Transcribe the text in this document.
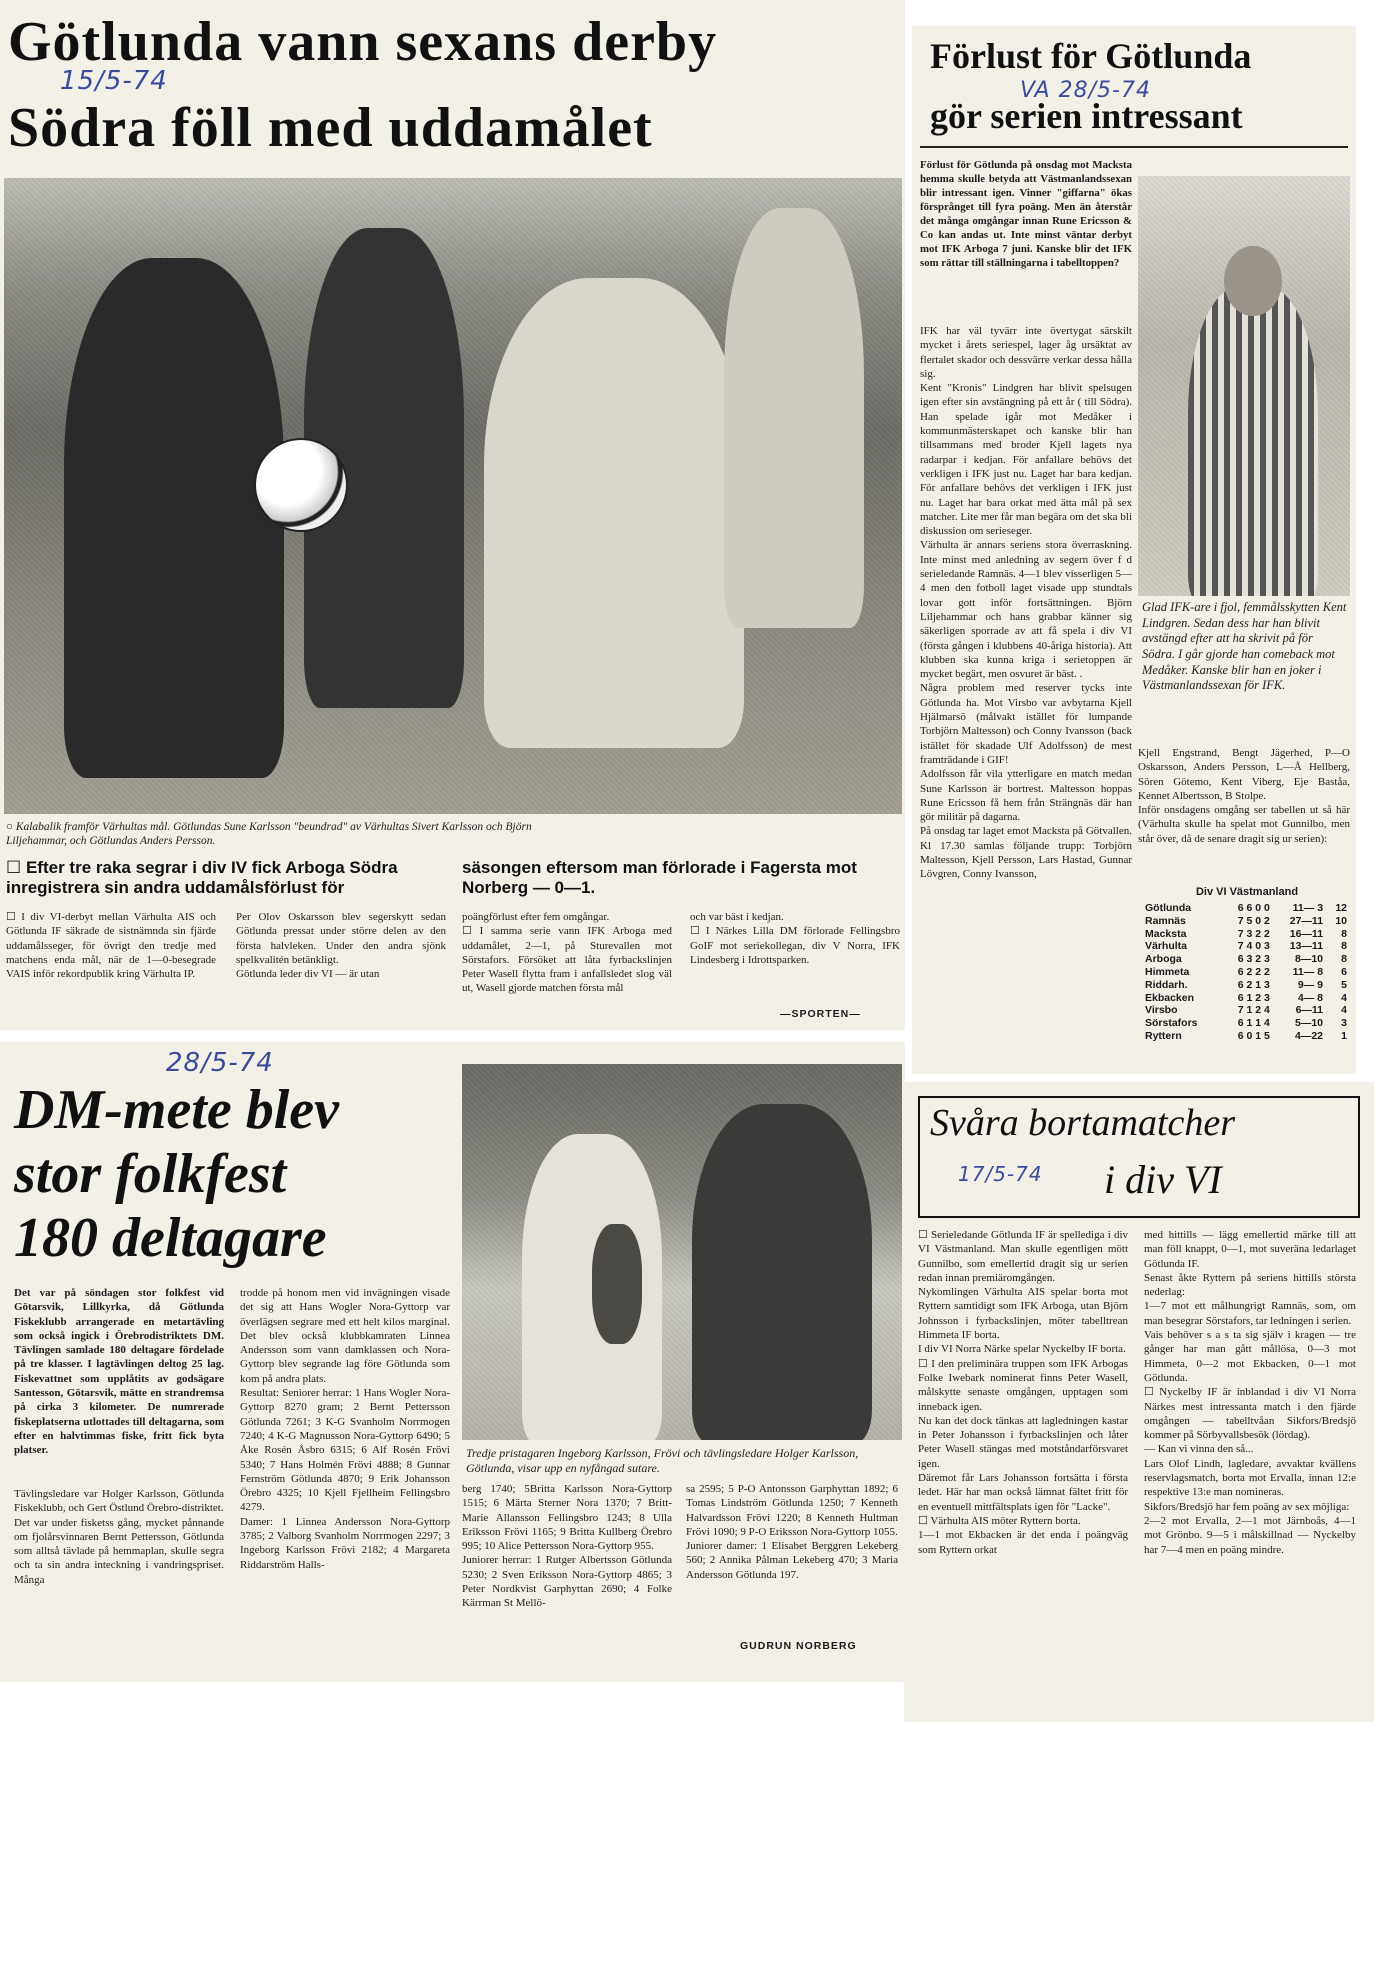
Götlunda vann sexans derby
15/5-74
Södra föll med uddamålet
○ Kalabalik framför Värhultas mål. Götlundas Sune Karlsson "beundrad" av Värhultas Sivert Karlsson och Björn Liljehammar, och Götlundas Anders Persson.
☐ Efter tre raka segrar i div IV fick Arboga Södra inregistrera sin andra uddamålsförlust för
säsongen eftersom man förlorade i Fagersta mot Norberg — 0—1.
☐ I div VI-derbyt mellan Värhulta AIS och Götlunda IF säkrade de sistnämnda sin fjärde uddamålsseger, för övrigt den tredje med matchens enda mål, när de 1—0-besegrade VAIS inför rekordpublik kring Värhulta IP.
Per Olov Oskarsson blev segerskytt sedan Götlunda pressat under större delen av den första halvleken. Under den andra sjönk spelkvalitén betänkligt.
Götlunda leder div VI — är utan
poängförlust efter fem omgångar.
☐ I samma serie vann IFK Arboga med uddamålet, 2—1, på Sturevallen mot Sörstafors. Försöket att låta fyrbackslinjen Peter Wasell flytta fram i anfallsledet slog väl ut, Wasell gjorde matchen första mål
och var bäst i kedjan.
☐ I Närkes Lilla DM förlorade Fellingsbro GoIF mot seriekollegan, div V Norra, IFK Lindesberg i Idrottsparken.
—SPORTEN—
Förlust för Götlunda
VA 28/5-74
gör serien intressant
Förlust för Götlunda på onsdag mot Macksta hemma skulle betyda att Västmanlandssexan blir intressant igen. Vinner "giffarna" ökas försprånget till fyra poäng. Men än återstår det många omgångar innan Rune Ericsson & Co kan andas ut. Inte minst väntar derbyt mot IFK Arboga 7 juni. Kanske blir det IFK som rättar till ställningarna i tabelltoppen?
Glad IFK-are i fjol, femmålsskytten Kent Lindgren. Sedan dess har han blivit avstängd efter att ha skrivit på för Södra. I går gjorde han comeback mot Medåker. Kanske blir han en joker i Västmanlandssexan för IFK.
IFK har väl tyvärr inte övertygat särskilt mycket i årets seriespel, lager åg ursäktat av flertalet skador och dessvärre verkar dessa hålla sig.
Kent "Kronis" Lindgren har blivit spelsugen igen efter sin avstängning på ett år ( till Södra). Han spelade igår mot Medåker i kommunmästerskapet och kanske blir han tillsammans med broder Kjell lagets nya radarpar i kedjan. För anfallare behövs det verkligen i IFK just nu. Laget har bara kedjan. För anfallare behövs det verkligen i IFK just nu. Laget har bara orkat med ätta mål på sex matcher. Lite mer får man begära om det ska bli diskussion om serieseger.
Värhulta är annars seriens stora överraskning. Inte minst med anledning av segern över f d serieledande Ramnäs. 4—1 blev visserligen 5—4 men den fotboll laget visade upp stundtals lovar gott inför fortsättningen. Björn Liljehammar och hans grabbar känner sig säkerligen sporrade av att få spela i div VI (första gången i klubbens 40-åriga historia). Att klubben ska kunna kriga i serietoppen är mycket begärt, men osvuret är bäst. .
Några problem med reserver tycks inte Götlunda ha. Mot Virsbo var avbytarna Kjell Hjälmarsö (målvakt istället för lumpande Torbjörn Maltesson) och Conny Ivansson (back istället för skadade Ulf Adolfsson) de mest framträdande i GIF!
Adolfsson får vila ytterligare en match medan Sune Karlsson är bortrest. Maltesson hoppas Rune Ericsson få hem från Strängnäs där han gör militär på dagarna.
På onsdag tar laget emot Macksta på Götvallen. Kl 17.30 samlas följande trupp: Torbjörn Maltesson, Kjell Persson, Lars Hastad, Gunnar Lövgren, Conny Ivansson,
Kjell Engstrand, Bengt Jägerhed, P—O Oskarsson, Anders Persson, L—Å Hellberg, Sören Götemo, Kent Viberg, Eje Baståa, Kennet Albertsson, B Stolpe.
Inför onsdagens omgång ser tabellen ut så här (Värhulta skulle ha spelat mot Gunnilbo, men står över, då de senare dragit sig ur serien):
Div VI Västmanland
Götlunda	6 6 0 0	11— 3	12
Ramnäs	7 5 0 2	27—11	10
Macksta	7 3 2 2	16—11	8
Värhulta	7 4 0 3	13—11	8
Arboga	6 3 2 3	8—10	8
Himmeta	6 2 2 2	11— 8	6
Riddarh.	6 2 1 3	9— 9	5
Ekbacken	6 1 2 3	4— 8	4
Virsbo	7 1 2 4	6—11	4
Sörstafors	6 1 1 4	5—10	3
Ryttern	6 0 1 5	4—22	1
28/5-74
DM-mete blev
stor folkfest
180 deltagare
Tredje pristagaren Ingeborg Karlsson, Frövi och tävlingsledare Holger Karlsson, Götlunda, visar upp en nyfångad sutare.
Det var på söndagen stor folkfest vid Götarsvik, Lillkyrka, då Götlunda Fiskeklubb arrangerade en metartävling som också ingick i Örebrodistriktets DM. Tävlingen samlade 180 deltagare fördelade på tre klasser. I lagtävlingen deltog 25 lag. Fiskevattnet som upplåtits av godsägare Santesson, Götarsvik, mätte en strandremsa på cirka 3 kilometer. De numrerade fiskeplatserna utlottades till deltagarna, som efter en halvtimmas fiske, fritt fick byta platser.
Tävlingsledare var Holger Karlsson, Götlunda Fiskeklubb, och Gert Östlund Örebro-distriktet.
Det var under fisketss gång, mycket pånnande om fjolårsvinnaren Bernt Pettersson, Götlunda som alltså tävlade på hemmaplan, skulle segra och ta sin andra inteckning i vandringspriset. Många
trodde på honom men vid invägningen visade det sig att Hans Wogler Nora-Gyttorp var överlägsen segrare med ett helt kilos marginal. Det blev också klubbkamraten Linnea Andersson som vann damklassen och Nora-Gyttorp blev segrande lag före Götlunda som kom på andra plats.
Resultat: Seniorer herrar: 1 Hans Wogler Nora-Gyttorp 8270 gram; 2 Bernt Pettersson Götlunda 7261; 3 K-G Svanholm Norrmogen 7240; 4 K-G Magnusson Nora-Gyttorp 6490; 5 Åke Rosén Åsbro 6315; 6 Alf Rosén Frövi 5340; 7 Hans Holmén Frövi 4888; 8 Gunnar Fernström Götlunda 4870; 9 Erik Johansson Örebro 4325; 10 Kjell Fjellheim Fellingsbro 4279.
Damer: 1 Linnea Andersson Nora-Gyttorp 3785; 2 Valborg Svanholm Norrmogen 2297; 3 Ingeborg Karlsson Frövi 2182; 4 Margareta Riddarström Halls-
berg 1740; 5Britta Karlsson Nora-Gyttorp 1515; 6 Märta Sterner Nora 1370; 7 Britt-Marie Allansson Fellingsbro 1243; 8 Ulla Eriksson Frövi 1165; 9 Britta Kullberg Örebro 995; 10 Alice Pettersson Nora-Gyttorp 955.
Juniorer herrar: 1 Rutger Albertsson Götlunda 5230; 2 Sven Eriksson Nora-Gyttorp 4865; 3 Peter Nordkvist Garphyttan 2690; 4 Folke Kärrman St Mellö-
sa 2595; 5 P-O Antonsson Garphyttan 1892; 6 Tomas Lindström Götlunda 1250; 7 Kenneth Halvardsson Frövi 1220; 8 Kenneth Hultman Frövi 1090; 9 P-O Eriksson Nora-Gyttorp 1055.
Juniorer damer: 1 Elisabet Berggren Lekeberg 560; 2 Annika Pålman Lekeberg 470; 3 Maria Andersson Götlunda 197.
GUDRUN NORBERG
Svåra bortamatcher
17/5-74 i div VI
☐ Serieledande Götlunda IF är spelledigа i div VI Västmanland. Man skulle egentligen mött Gunnilbo, som emellertid dragit sig ur serien redan innan premiäromgången.
Nykomlingen Värhulta AIS spelar borta mot Ryttern samtidigt som IFK Arboga, utan Björn Johnsson i fyrbackslinjen, möter tabelltrean Himmeta IF borta.
I div VI Norra Närke spelar Nyckelby IF borta.
☐ I den preliminära truppen som IFK Arbogas Folke Iwebark nominerat finns Peter Wasell, målskytte senaste omgången, upptagen som inneback igen.
Nu kan det dock tänkas att lagledningen kastar in Peter Johansson i fyrbackslinjen och låter Peter Wasell stängas med motståndarförsvaret igen.
Däremot får Lars Johansson fortsätta i första ledet. Här har man också lämnat fältet fritt för en eventuell mittfältsplats igen för "Lacke".
☐ Värhulta AIS möter Ryttern borta.
1—1 mot Ekbacken är det enda i poängväg som Ryttern orkat
med hittills — lägg emellertid märke till att man föll knappt, 0—1, mot suveräna ledarlaget Götlunda IF.
Senast åkte Ryttern på seriens hittills största nederlag:
1—7 mot ett målhungrigt Ramnäs, som, om man besegrar Sörstafors, tar ledningen i serien.
Vais behöver s a s ta sig själv i kragen — tre gånger har man gått mållösa, 0—3 mot Himmeta, 0—2 mot Ekbacken, 0—1 mot Götlunda.
☐ Nyckelby IF är inblandad i div VI Norra Närkes mest intressanta match i den fjärde omgången — tabelltvåan Sikfors/Bredsjö kommer på Sörbyvallsbesök (lördag).
— Kan vi vinna den så...
Lars Olof Lindh, lagledare, avvaktar kvällens reservlagsmatch, borta mot Ervalla, innan 12:e respektive 13:e man nomineras.
Sikfors/Bredsjö har fem poäng av sex möjliga:
2—2 mot Ervalla, 2—1 mot Järnboås, 4—1 mot Grönbo. 9—5 i målskillnad — Nyckelby har 7—4 men en poäng mindre.
